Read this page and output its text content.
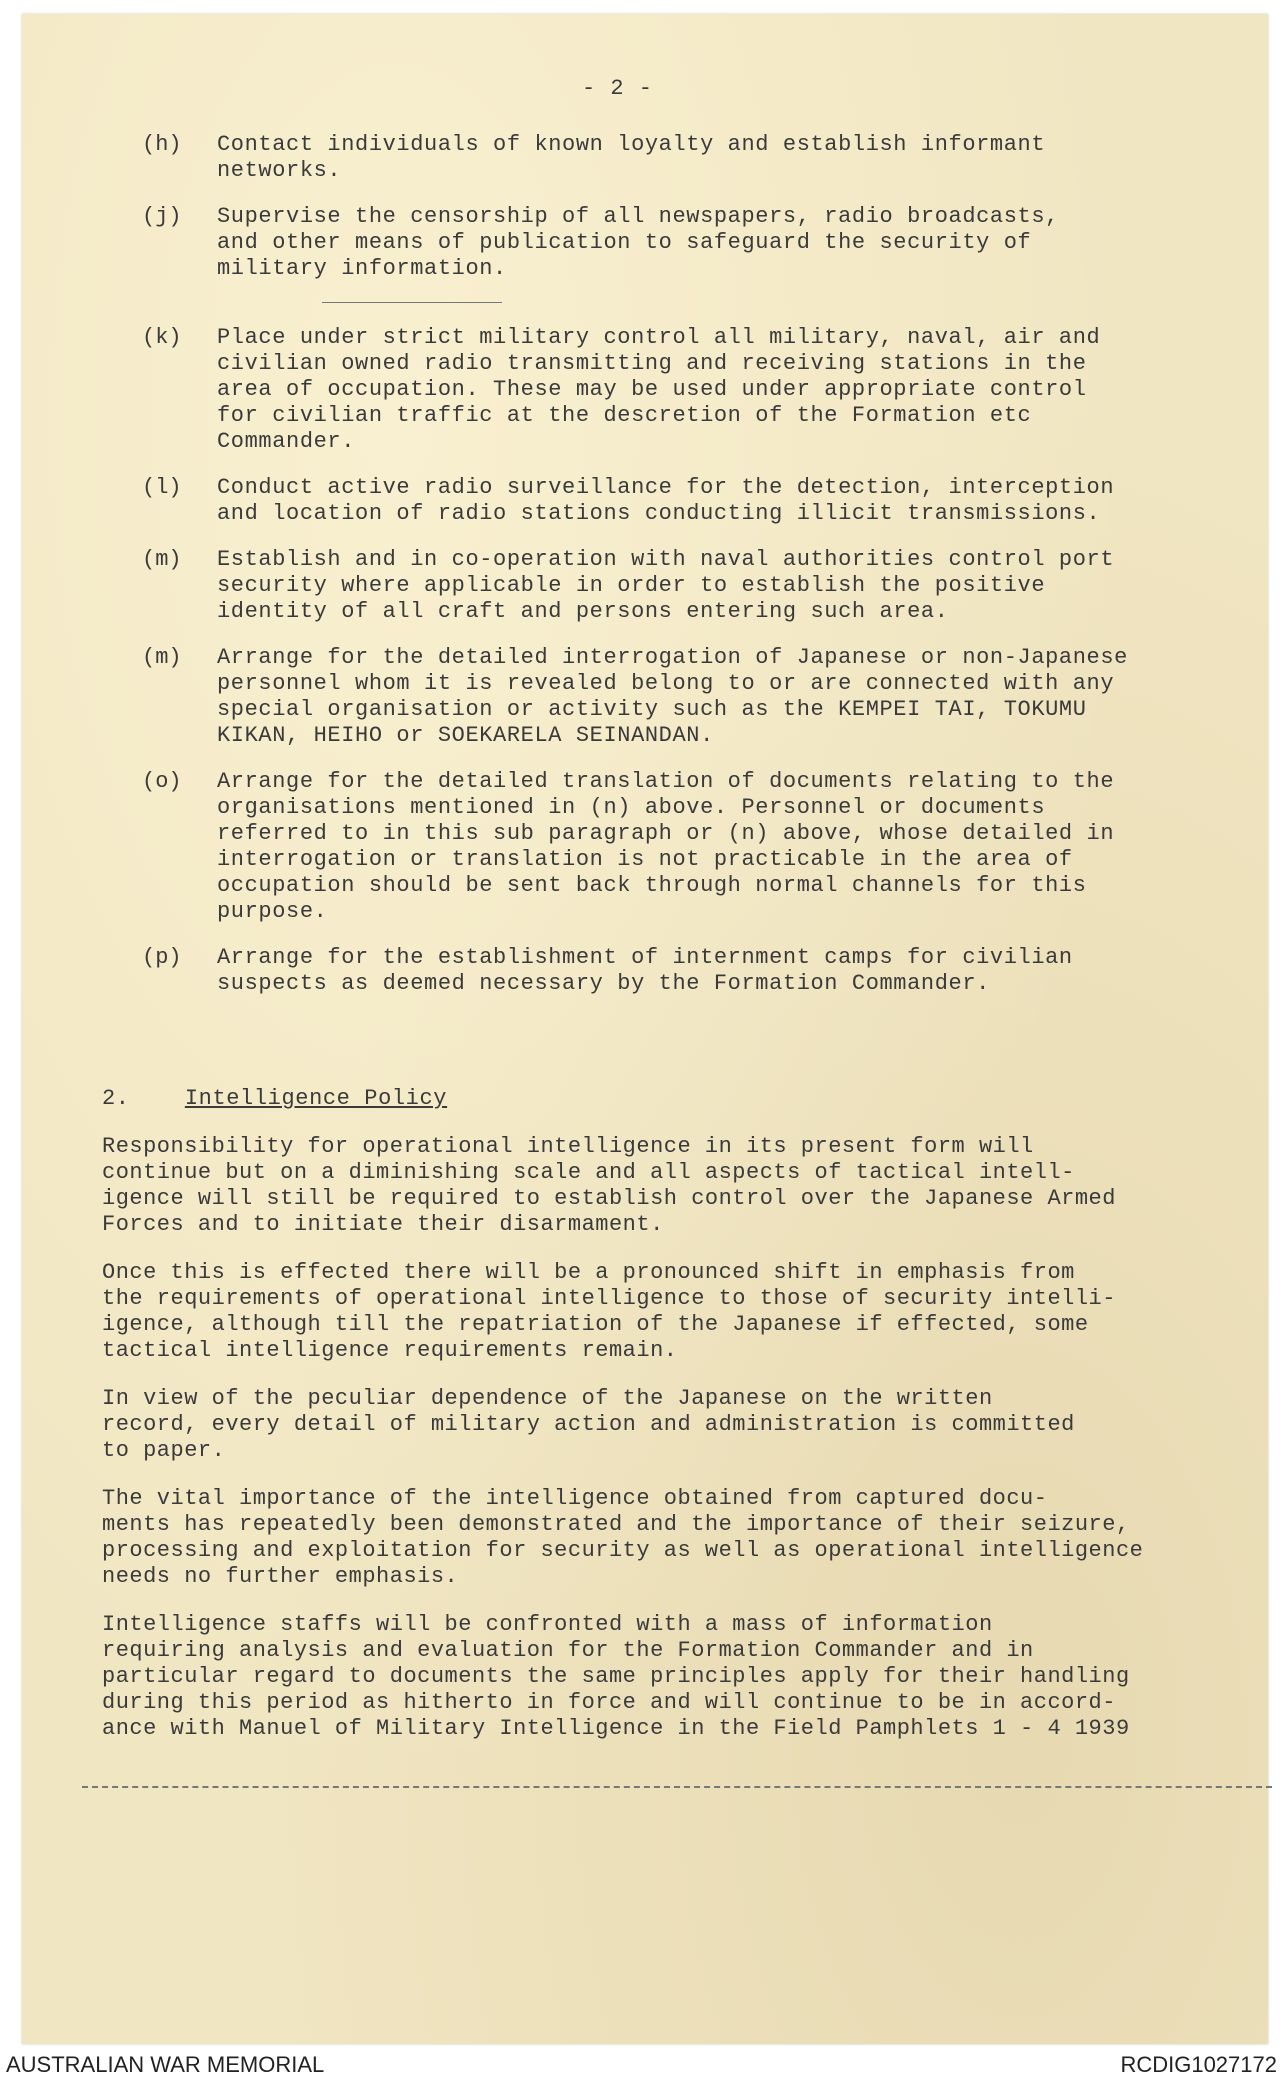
- 2 -
(h)	Contact individuals of known loyalty and establish informant
networks.
(j)	Supervise the censorship of all newspapers, radio broadcasts,
and other means of publication to safeguard the security of
military information.
(k)	Place under strict military control all military, naval, air and
civilian owned radio transmitting and receiving stations in the
area of occupation. These may be used under appropriate control
for civilian traffic at the descretion of the Formation etc
Commander.
(l)	Conduct active radio surveillance for the detection, interception
and location of radio stations conducting illicit transmissions.
(m)	Establish and in co-operation with naval authorities control port
security where applicable in order to establish the positive
identity of all craft and persons entering such area.
(m)	Arrange for the detailed interrogation of Japanese or non-Japanese
personnel whom it is revealed belong to or are connected with any
special organisation or activity such as the KEMPEI TAI, TOKUMU
KIKAN, HEIHO or SOEKARELA SEINANDAN.
(o)	Arrange for the detailed translation of documents relating to the
organisations mentioned in (n) above. Personnel or documents
referred to in this sub paragraph or (n) above, whose detailed in
interrogation or translation is not practicable in the area of
occupation should be sent back through normal channels for this
purpose.
(p)	Arrange for the establishment of internment camps for civilian
suspects as deemed necessary by the Formation Commander.
2.	Intelligence Policy
Responsibility for operational intelligence in its present form will
continue but on a diminishing scale and all aspects of tactical intell-
igence will still be required to establish control over the Japanese Armed
Forces and to initiate their disarmament.
Once this is effected there will be a pronounced shift in emphasis from
the requirements of operational intelligence to those of security intelli-
igence, although till the repatriation of the Japanese if effected, some
tactical intelligence requirements remain.
In view of the peculiar dependence of the Japanese on the written
record, every detail of military action and administration is committed
to paper.
The vital importance of the intelligence obtained from captured docu-
ments has repeatedly been demonstrated and the importance of their seizure,
processing and exploitation for security as well as operational intelligence
needs no further emphasis.
Intelligence staffs will be confronted with a mass of information
requiring analysis and evaluation for the Formation Commander and in
particular regard to documents the same principles apply for their handling
during this period as hitherto in force and will continue to be in accord-
ance with Manuel of Military Intelligence in the Field Pamphlets 1 - 4 1939
AUSTRALIAN WAR MEMORIAL	RCDIG1027172
